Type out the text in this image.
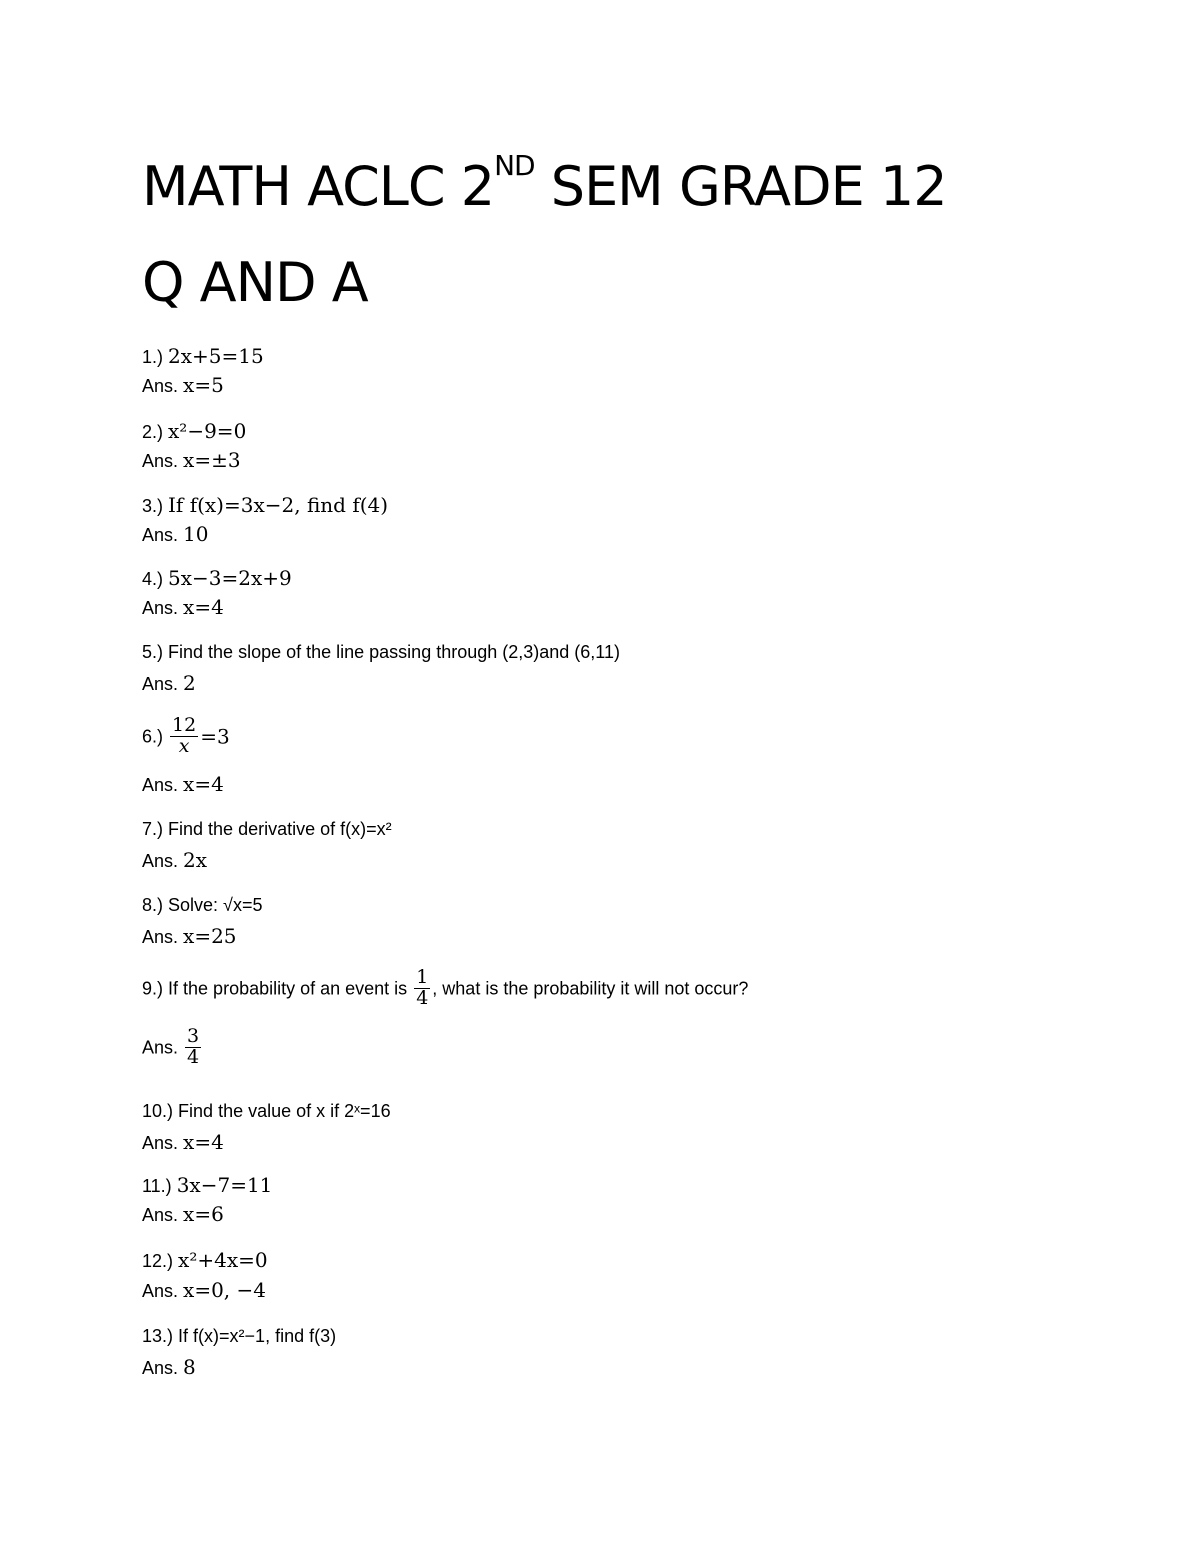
MATH ACLC 2ND SEM GRADE 12
Q AND A
1.) 2x+5=15
Ans. x=5
2.) x²−9=0
Ans. x=±3
3.) If f(x)=3x−2, find f(4)
Ans. 10
4.) 5x−3=2x+9
Ans. x=4
5.) Find the slope of the line passing through (2,3)and (6,11)
Ans. 2
$6.) \frac{12}{x} =3$
Ans. x=4
7.) Find the derivative of f(x)=x²
Ans. 2x
8.) Solve: √x=5
Ans. x=25
9.) If the probability of an event is $\frac{1}{4}$ , what is the probability it will not occur?
Ans. $\frac{3}{4}$
10.) Find the value of x if 2ˣ=16
Ans. x=4
11.) 3x−7=11
Ans. x=6
12.) x²+4x=0
Ans. x=0, −4
13.) If f(x)=x²−1, find f(3)
Ans. 8
